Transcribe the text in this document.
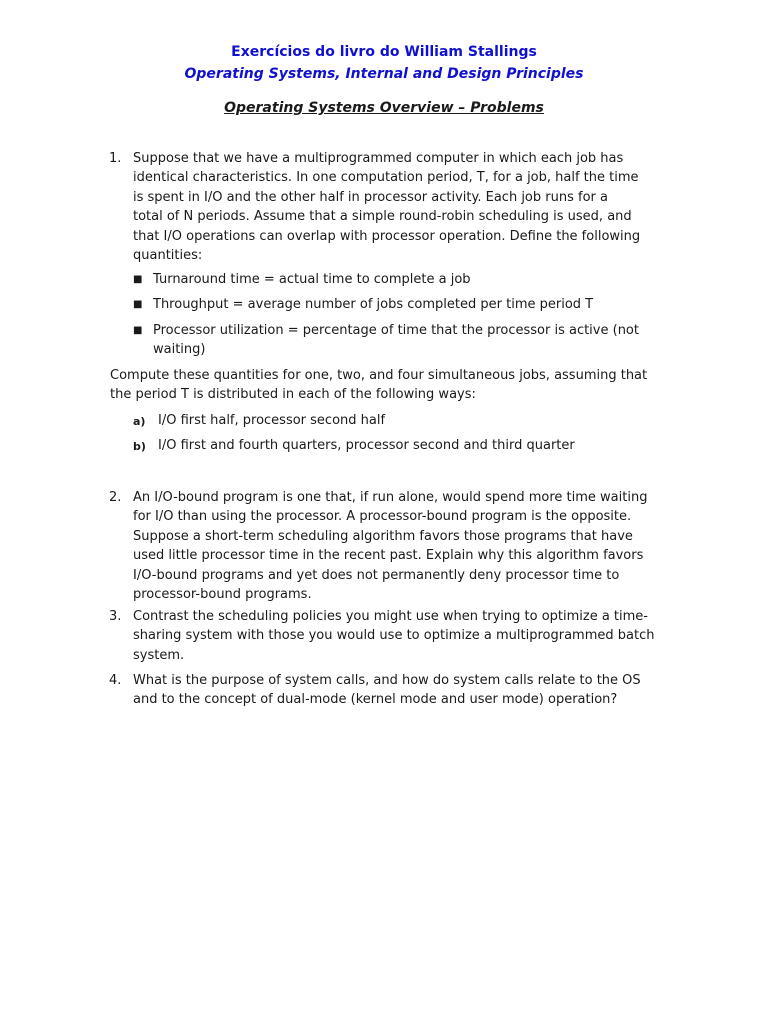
Exercícios do livro do William Stallings

Operating Systems, Internal and Design Principles

Operating Systems Overview – Problems

1. Suppose that we have a multiprogrammed computer in which each job has
identical characteristics. In one computation period, T, for a job, half the time
is spent in I/O and the other half in processor activity. Each job runs for a
total of N periods. Assume that a simple round-robin scheduling is used, and
that I/O operations can overlap with processor operation. Define the following
quantities:

■ Turnaround time = actual time to complete a job

■ Throughput = average number of jobs completed per time period T

■ Processor utilization = percentage of time that the processor is active (not
waiting)

Compute these quantities for one, two, and four simultaneous jobs, assuming that
the period T is distributed in each of the following ways:

a) I/O first half, processor second half

b) I/O first and fourth quarters, processor second and third quarter

2. An I/O-bound program is one that, if run alone, would spend more time waiting
for I/O than using the processor. A processor-bound program is the opposite.
Suppose a short-term scheduling algorithm favors those programs that have
used little processor time in the recent past. Explain why this algorithm favors
I/O-bound programs and yet does not permanently deny processor time to
processor-bound programs.

3. Contrast the scheduling policies you might use when trying to optimize a time-
sharing system with those you would use to optimize a multiprogrammed batch
system.

4. What is the purpose of system calls, and how do system calls relate to the OS
and to the concept of dual-mode (kernel mode and user mode) operation?
